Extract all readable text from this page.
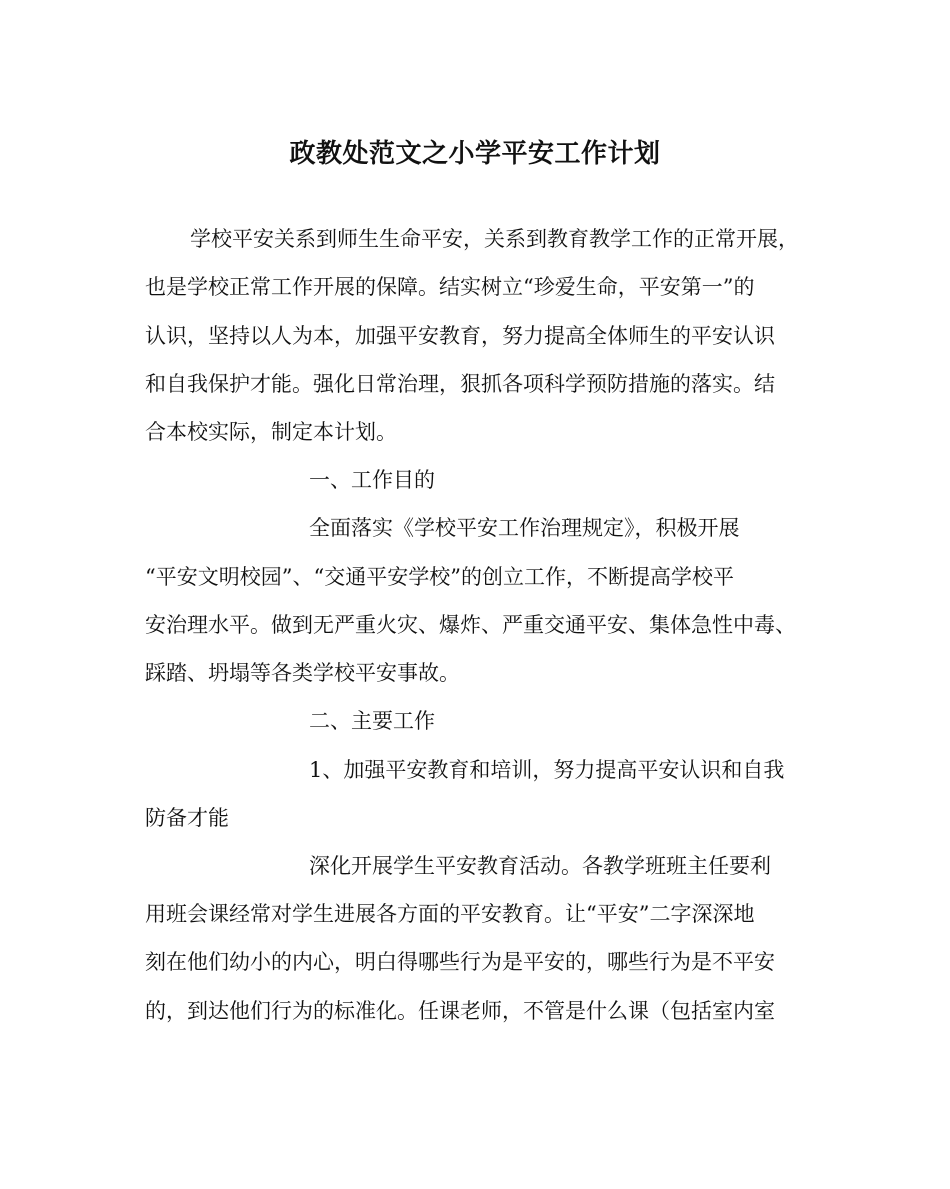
政教处范文之小学平安工作计划
学校平安关系到师生生命平安，关系到教育教学工作的正常开展，
也是学校正常工作开展的保障。结实树立“珍爱生命，平安第一”的
认识，坚持以人为本，加强平安教育，努力提高全体师生的平安认识
和自我保护才能。强化日常治理，狠抓各项科学预防措施的落实。结
合本校实际，制定本计划。
一、工作目的
全面落实《学校平安工作治理规定》，积极开展
“平安文明校园”、“交通平安学校”的创立工作，不断提高学校平
安治理水平。做到无严重火灾、爆炸、严重交通平安、集体急性中毒、
踩踏、坍塌等各类学校平安事故。
二、主要工作
1、加强平安教育和培训，努力提高平安认识和自我
防备才能
深化开展学生平安教育活动。各教学班班主任要利
用班会课经常对学生进展各方面的平安教育。让“平安”二字深深地
刻在他们幼小的内心，明白得哪些行为是平安的，哪些行为是不平安
的，到达他们行为的标准化。任课老师，不管是什么课（包括室内室
